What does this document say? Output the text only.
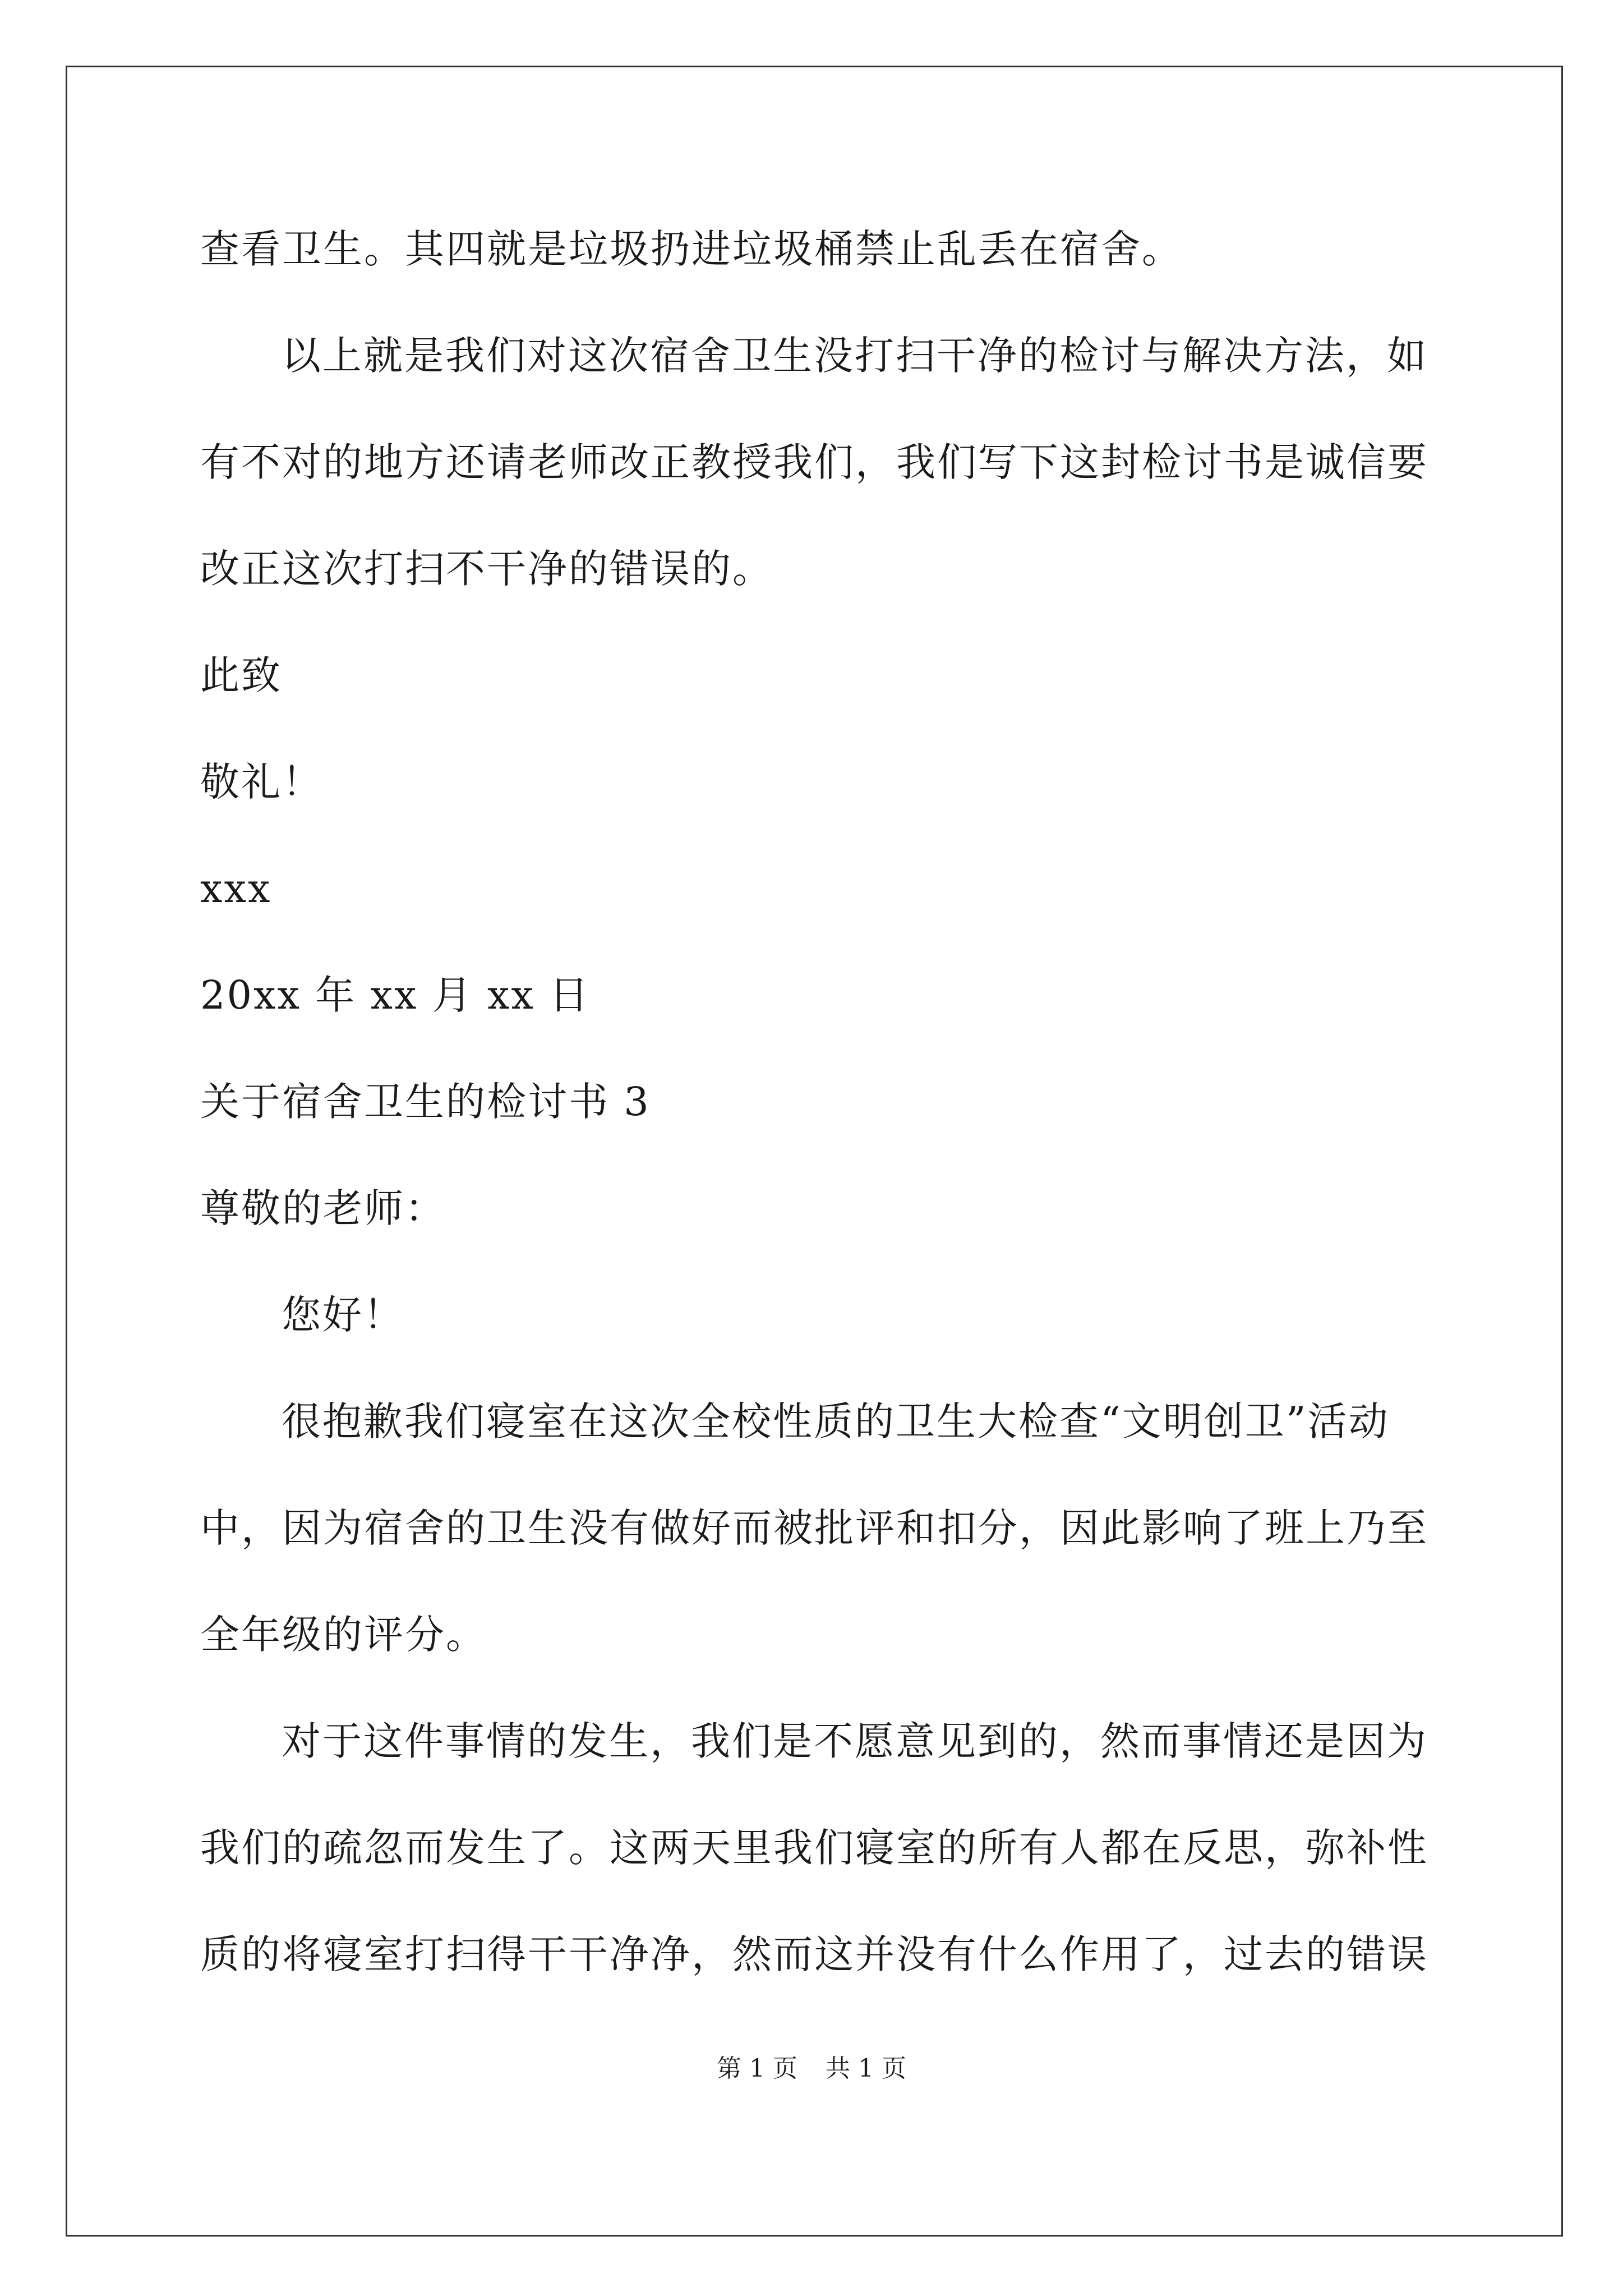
查看卫生。其四就是垃圾扔进垃圾桶禁止乱丢在宿舍。
以上就是我们对这次宿舍卫生没打扫干净的检讨与解决方法，如
有不对的地方还请老师改正教授我们，我们写下这封检讨书是诚信要
改正这次打扫不干净的错误的。
此致
敬礼！
xxx
20xx 年 xx 月 xx 日
关于宿舍卫生的检讨书 3
尊敬的老师：
您好！
很抱歉我们寝室在这次全校性质的卫生大检查“文明创卫”活动
中，因为宿舍的卫生没有做好而被批评和扣分，因此影响了班上乃至
全年级的评分。
对于这件事情的发生，我们是不愿意见到的，然而事情还是因为
我们的疏忽而发生了。这两天里我们寝室的所有人都在反思，弥补性
质的将寝室打扫得干干净净，然而这并没有什么作用了，过去的错误
第 1 页 共 1 页
